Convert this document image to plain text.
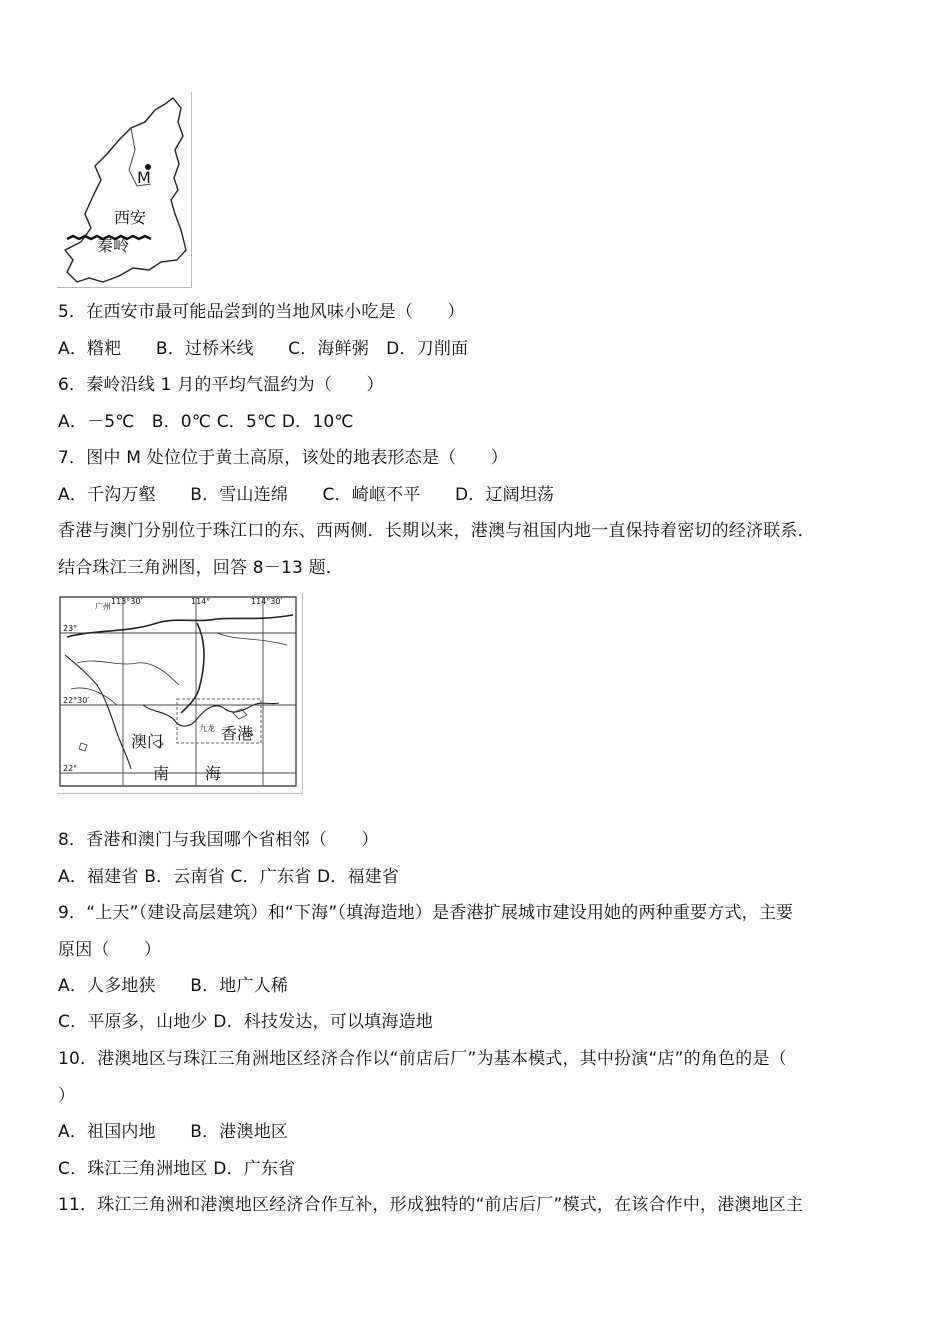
M
西安
秦岭
5．在西安市最可能品尝到的当地风味小吃是（　　）
A．糌粑　　B．过桥米线　　C．海鲜粥　D．刀削面
6．秦岭沿线 1 月的平均气温约为（　　）
A．－5℃　B．0℃ C．5℃ D．10℃
7．图中 M 处位位于黄土高原，该处的地表形态是（　　）
A．千沟万壑　　B．雪山连绵　　C．崎岖不平　　D．辽阔坦荡
香港与澳门分别位于珠江口的东、西两侧．长期以来，港澳与祖国内地一直保持着密切的经济联系．
结合珠江三角洲图，回答 8－13 题．
113°30′	114°	114°30′
23°
22°30′
22°
广州
澳门
九龙 香港
南 海
8．香港和澳门与我国哪个省相邻（　　）
A．福建省 B．云南省 C．广东省 D．福建省
9．“上天”（建设高层建筑）和“下海”（填海造地）是香港扩展城市建设用她的两种重要方式，主要
原因（　　）
A．人多地狭　　B．地广人稀
C．平原多，山地少 D．科技发达，可以填海造地
10．港澳地区与珠江三角洲地区经济合作以“前店后厂”为基本模式，其中扮演“店”的角色的是（
）
A．祖国内地　　B．港澳地区
C．珠江三角洲地区 D．广东省
11．珠江三角洲和港澳地区经济合作互补，形成独特的“前店后厂”模式，在该合作中，港澳地区主
